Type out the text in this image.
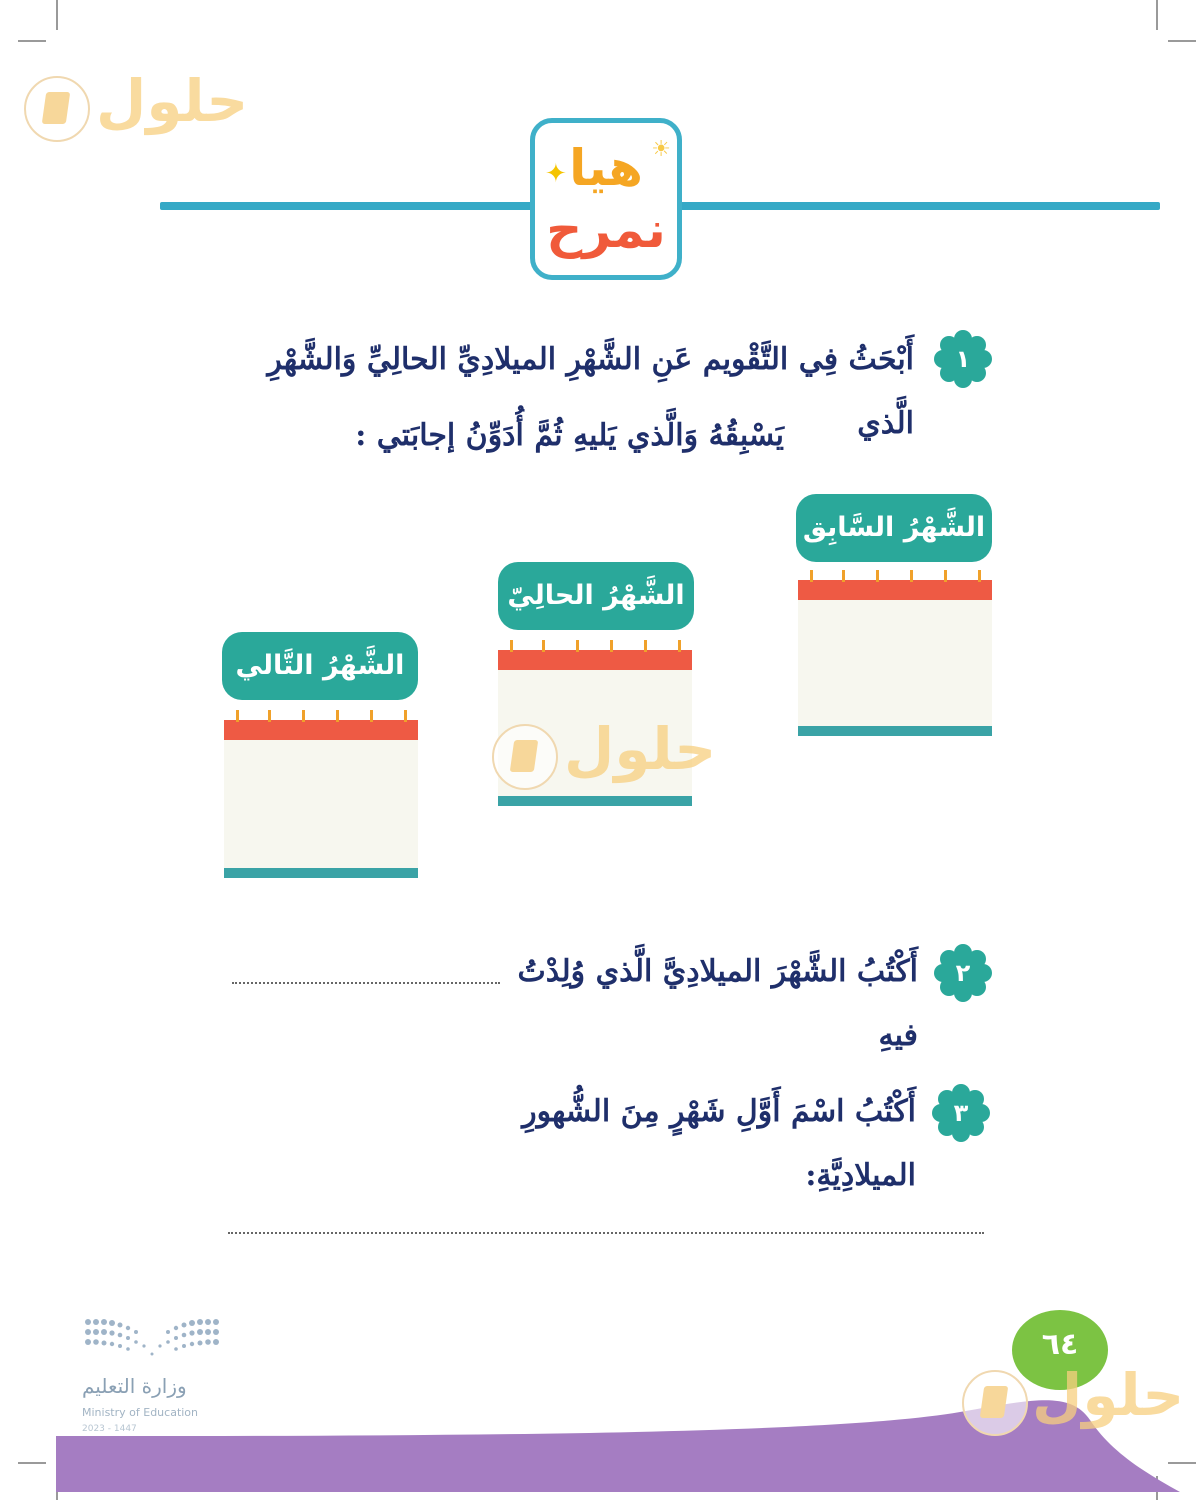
حلول
✦
☀
هيا
نمرح
١
أَبْحَثُ فِي التَّقْويم عَنِ الشَّهْرِ الميلادِيِّ الحالِيِّ وَالشَّهْرِ الَّذي
يَسْبِقُهُ وَالَّذي يَليهِ ثُمَّ أُدَوِّنُ إجابَتي :
الشَّهْرُ السَّابِق
الشَّهْرُ الحالِيّ
الشَّهْرُ التَّالي
حلول
٢
أَكْتُبُ الشَّهْرَ الميلادِيَّ الَّذي وُلِدْتُ فيهِ
٣
أَكْتُبُ اسْمَ أَوَّلِ شَهْرٍ مِنَ الشُّهورِ الميلادِيَّةِ:
٦٤
حلول
وزارة التعليم
Ministry of Education
2023 - 1447
